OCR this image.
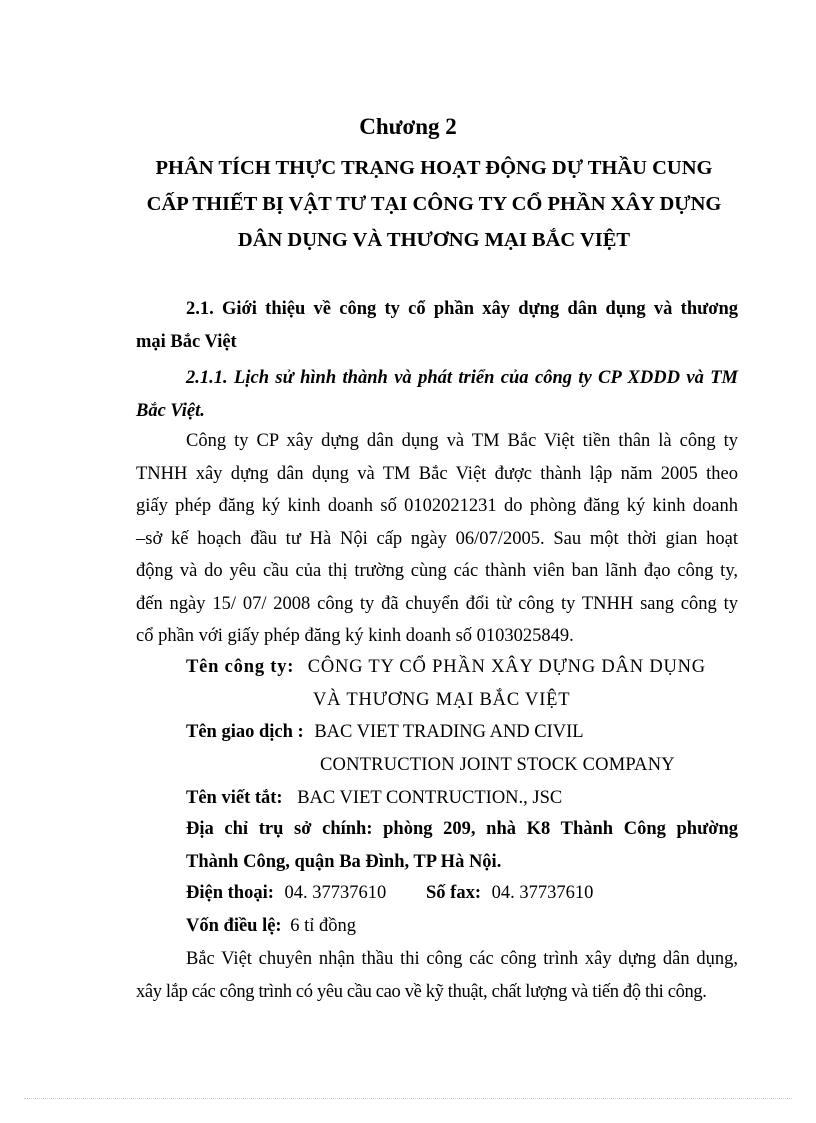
Chương 2
PHÂN TÍCH THỰC TRẠNG HOẠT ĐỘNG DỰ THẦU CUNG
CẤP THIẾT BỊ VẬT TƯ TẠI CÔNG TY CỔ PHẦN XÂY DỰNG
DÂN DỤNG VÀ THƯƠNG MẠI BẮC VIỆT
2.1. Giới thiệu về công ty cổ phần xây dựng dân dụng và thương
mại Bắc Việt
2.1.1. Lịch sử hình thành và phát triển của công ty CP XDDD và TM
Bắc Việt.
Công ty CP xây dựng dân dụng và TM Bắc Việt tiền thân là công ty
TNHH xây dựng dân dụng và TM Bắc Việt được thành lập năm 2005 theo
giấy phép đăng ký kinh doanh số 0102021231 do phòng đăng ký kinh doanh
–sở kế hoạch đầu tư Hà Nội cấp ngày 06/07/2005. Sau một thời gian hoạt
động và do yêu cầu của thị trường cùng các thành viên ban lãnh đạo công ty,
đến ngày 15/ 07/ 2008 công ty đã chuyển đổi từ công ty TNHH sang công ty
cổ phần với giấy phép đăng ký kinh doanh số 0103025849.
Tên công ty: CÔNG TY CỔ PHẦN XÂY DỰNG DÂN DỤNG
VÀ THƯƠNG MẠI BẮC VIỆT
Tên giao dịch : BAC VIET TRADING AND CIVIL
CONTRUCTION JOINT STOCK COMPANY
Tên viết tắt: BAC VIET CONTRUCTION., JSC
Địa chỉ trụ sở chính: phòng 209, nhà K8 Thành Công phường
Thành Công, quận Ba Đình, TP Hà Nội.
Điện thoại: 04. 37737610 Số fax: 04. 37737610
Vốn điều lệ: 6 tỉ đồng
Bắc Việt chuyên nhận thầu thi công các công trình xây dựng dân dụng,
xây lắp các công trình có yêu cầu cao về kỹ thuật, chất lượng và tiến độ thi công.
